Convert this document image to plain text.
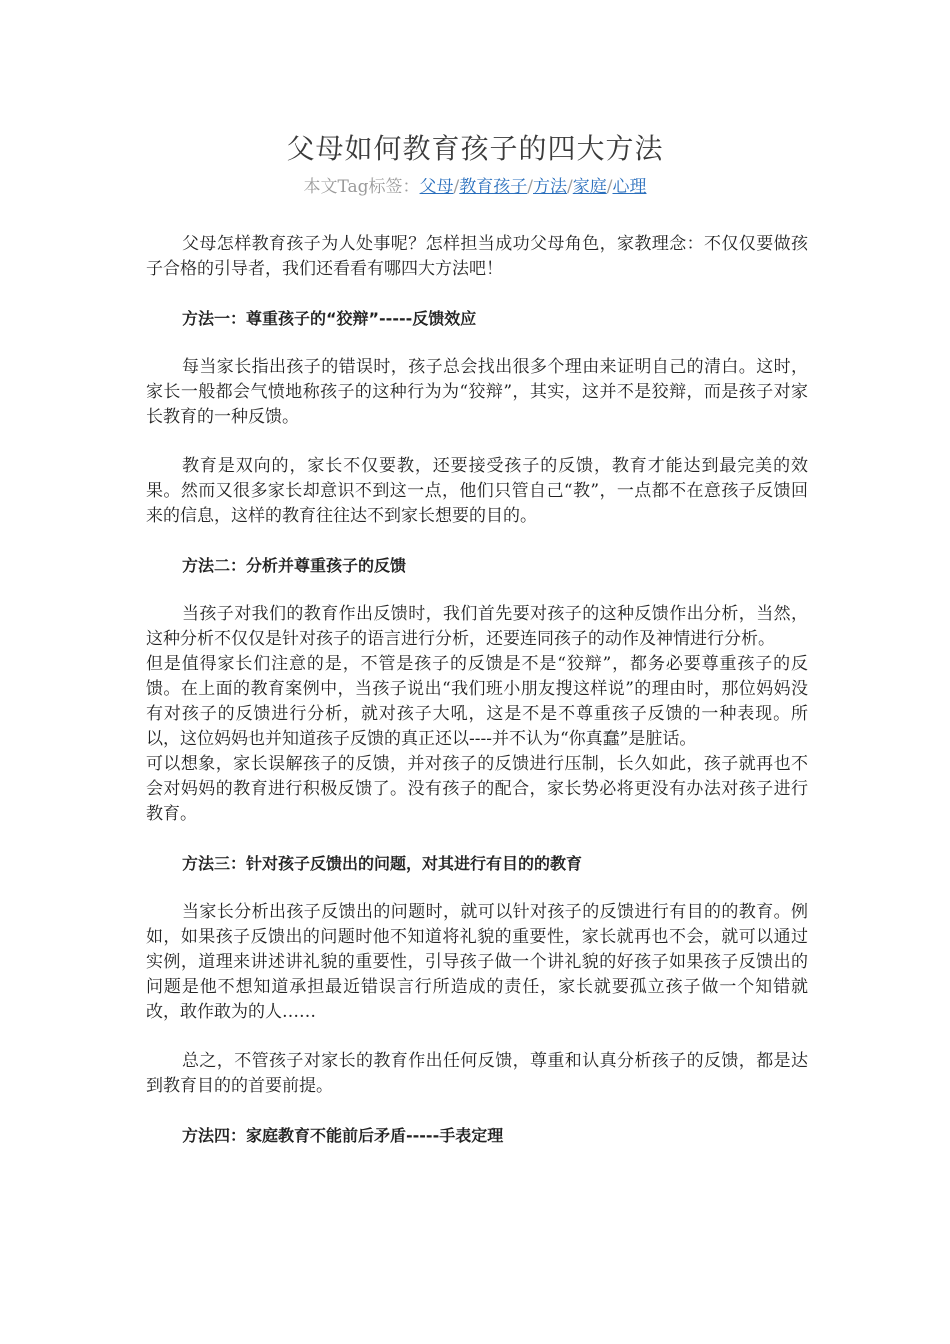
父母如何教育孩子的四大方法
本文Tag标签：父母/教育孩子/方法/家庭/心理

父母怎样教育孩子为人处事呢？怎样担当成功父母角色，家教理念：不仅仅要做孩子合格的引导者，我们还看看有哪四大方法吧！

方法一：尊重孩子的“狡辩”-----反馈效应

每当家长指出孩子的错误时，孩子总会找出很多个理由来证明自己的清白。这时，家长一般都会气愤地称孩子的这种行为为“狡辩”，其实，这并不是狡辩，而是孩子对家长教育的一种反馈。

教育是双向的，家长不仅要教，还要接受孩子的反馈，教育才能达到最完美的效果。然而又很多家长却意识不到这一点，他们只管自己“教”，一点都不在意孩子反馈回来的信息，这样的教育往往达不到家长想要的目的。

方法二：分析并尊重孩子的反馈

当孩子对我们的教育作出反馈时，我们首先要对孩子的这种反馈作出分析，当然，这种分析不仅仅是针对孩子的语言进行分析，还要连同孩子的动作及神情进行分析。

但是值得家长们注意的是，不管是孩子的反馈是不是“狡辩”，都务必要尊重孩子的反馈。在上面的教育案例中，当孩子说出“我们班小朋友搜这样说”的理由时，那位妈妈没有对孩子的反馈进行分析，就对孩子大吼，这是不是不尊重孩子反馈的一种表现。所以，这位妈妈也并知道孩子反馈的真正还以----并不认为“你真蠢”是脏话。

可以想象，家长误解孩子的反馈，并对孩子的反馈进行压制，长久如此，孩子就再也不会对妈妈的教育进行积极反馈了。没有孩子的配合，家长势必将更没有办法对孩子进行教育。

方法三：针对孩子反馈出的问题，对其进行有目的的教育

当家长分析出孩子反馈出的问题时，就可以针对孩子的反馈进行有目的的教育。例如，如果孩子反馈出的问题时他不知道将礼貌的重要性，家长就再也不会，就可以通过实例，道理来讲述讲礼貌的重要性，引导孩子做一个讲礼貌的好孩子如果孩子反馈出的问题是他不想知道承担最近错误言行所造成的责任，家长就要孤立孩子做一个知错就改，敢作敢为的人……

总之，不管孩子对家长的教育作出任何反馈，尊重和认真分析孩子的反馈，都是达到教育目的的首要前提。

方法四：家庭教育不能前后矛盾-----手表定理
